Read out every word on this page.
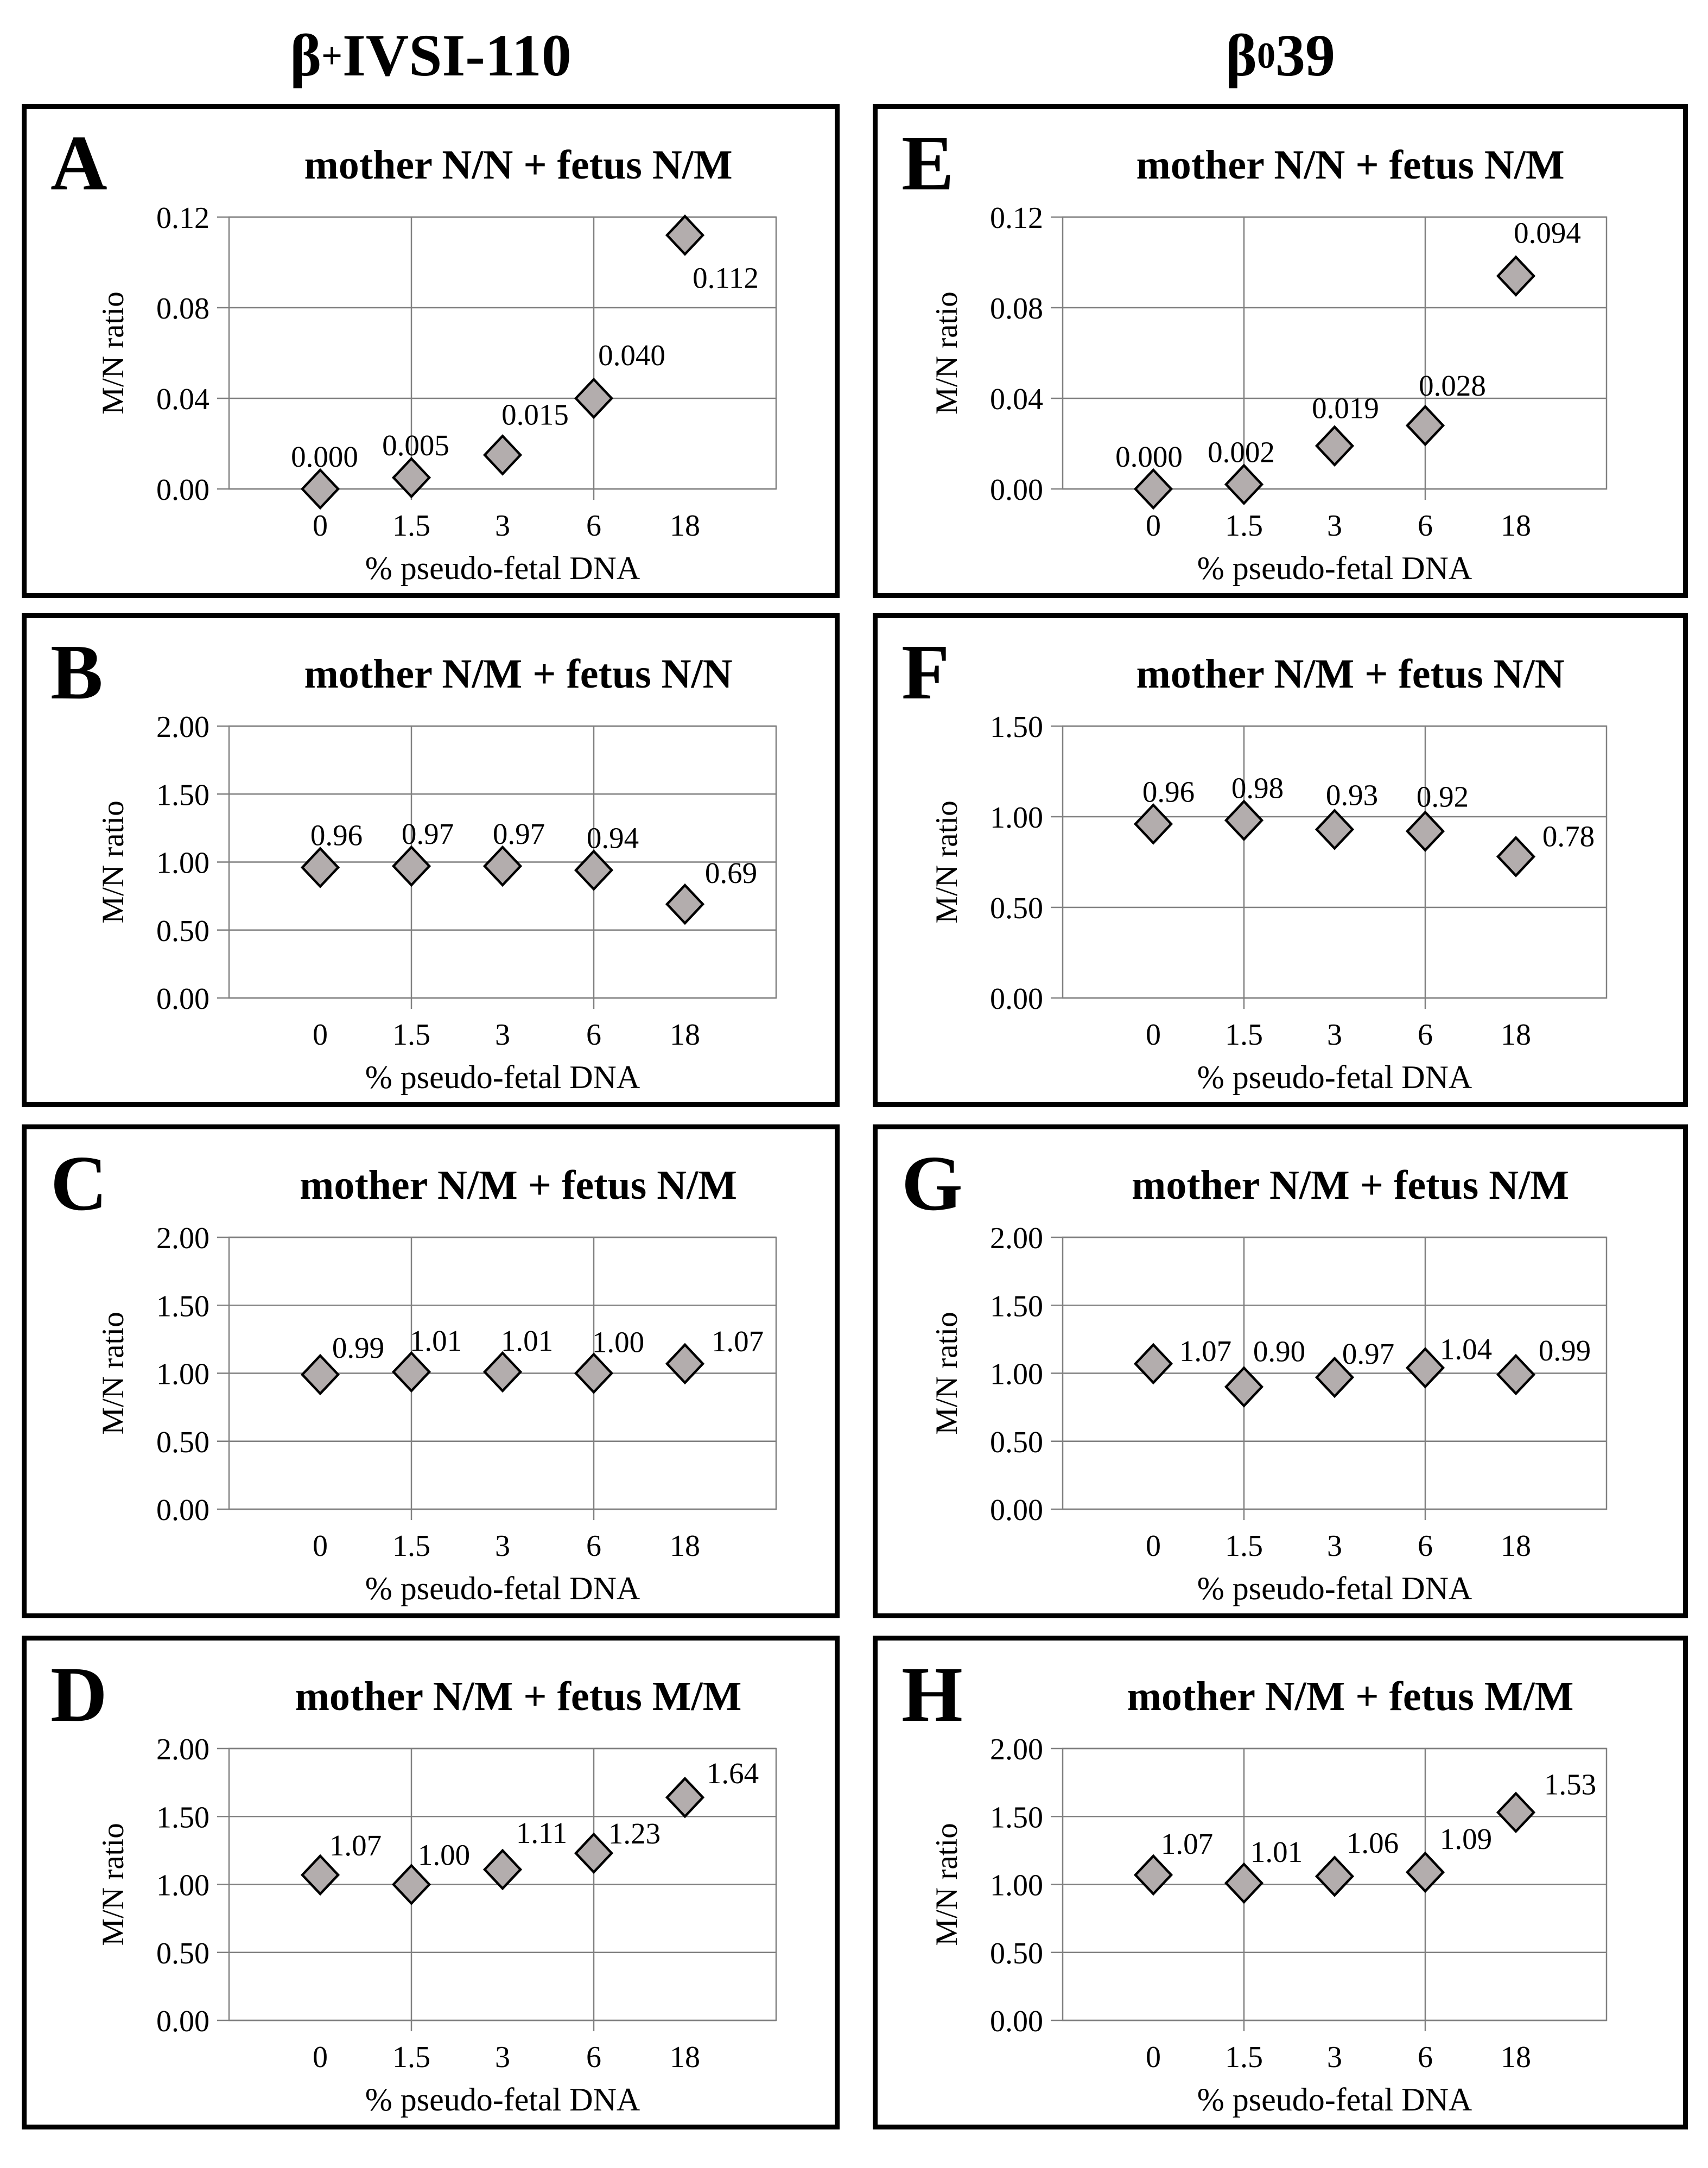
β + IVSI-110	β 0 39
A	mother N/N + fetus N/M
0.00
0.04
0.08
0.12
0 1.5 3	6 18
% pseudo-fetal DNA
M/N ratio
0.000 0.005
0.015
0.040
0.112
E	mother N/N + fetus N/M
0.00
0.04
0.08
0.12
0 1.5 3 6 18
% pseudo-fetal DNA
M/N ratio
0.000 0.002
0.019
0.028
0.094
B	mother N/M + fetus N/N
0.00
0.50
1.00
1.50
2.00
0 1.5 3	6 18
% pseudo-fetal DNA
M/N ratio	0.96 0.97 0.97 0.94
0.69
F	mother N/M + fetus N/N
0.00
0.50
1.00
1.50
0 1.5 3 6 18
% pseudo-fetal DNA
M/N ratio
0.96 0.98 0.93 0.92
0.78
C	mother N/M + fetus N/M
0.00
0.50
1.00
1.50
2.00
0 1.5 3	6 18
% pseudo-fetal DNA
M/N ratio	0.99 1.01 1.01 1.00 1.07
G	mother N/M + fetus N/M
0.00
0.50
1.00
1.50
2.00
0 1.5 3 6 18
% pseudo-fetal DNA
M/N ratio	1.07 0.90 0.97 1.04 0.99
D	mother N/M + fetus M/M
0.00
0.50
1.00
1.50
2.00
0 1.5 3	6 18
% pseudo-fetal DNA
M/N ratio	1.07 1.00
1.11 1.23
1.64
H	mother N/M + fetus M/M
0.00
0.50
1.00
1.50
2.00
0 1.5 3 6 18
% pseudo-fetal DNA
M/N ratio	1.07 1.01 1.06 1.09
1.53
